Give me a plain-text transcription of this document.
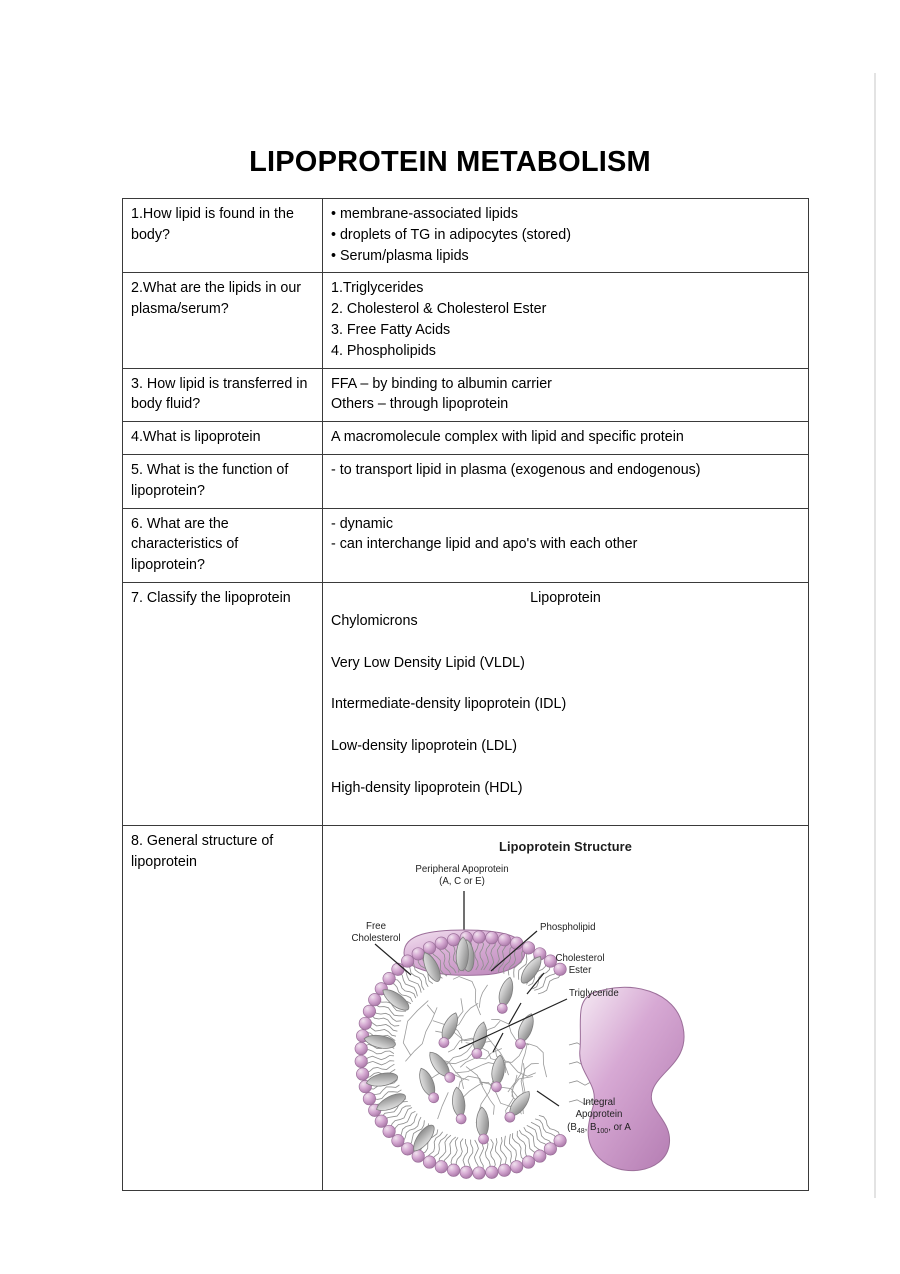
LIPOPROTEIN METABOLISM
1.How lipid is found in the body?	• membrane-associated lipids
• droplets of TG in adipocytes (stored)
• Serum/plasma lipids

2.What are the lipids in our plasma/serum?	1.Triglycerides
2. Cholesterol & Cholesterol Ester
3. Free Fatty Acids
4. Phospholipids

3. How lipid is transferred in body fluid?	FFA – by binding to albumin carrier
Others – through lipoprotein

4.What is lipoprotein	A macromolecule complex with lipid and specific protein

5. What is the function of lipoprotein?	- to transport lipid in plasma (exogenous and endogenous)

6. What are the characteristics of lipoprotein?	- dynamic
- can interchange lipid and apo's with each other

7. Classify the lipoprotein	Lipoprotein
Chylomicrons
Very Low Density Lipid (VLDL)
Intermediate-density lipoprotein (IDL)
Low-density lipoprotein (LDL)
High-density lipoprotein (HDL)

8. General structure of lipoprotein	
Lipoprotein Structure
Peripheral Apoprotein
(A, C or E)
Free
Cholesterol
Phospholipid
Cholesterol
Ester
Triglyceride
Integral
Apoprotein
($B_{48}$, $B_{100}$, or A
